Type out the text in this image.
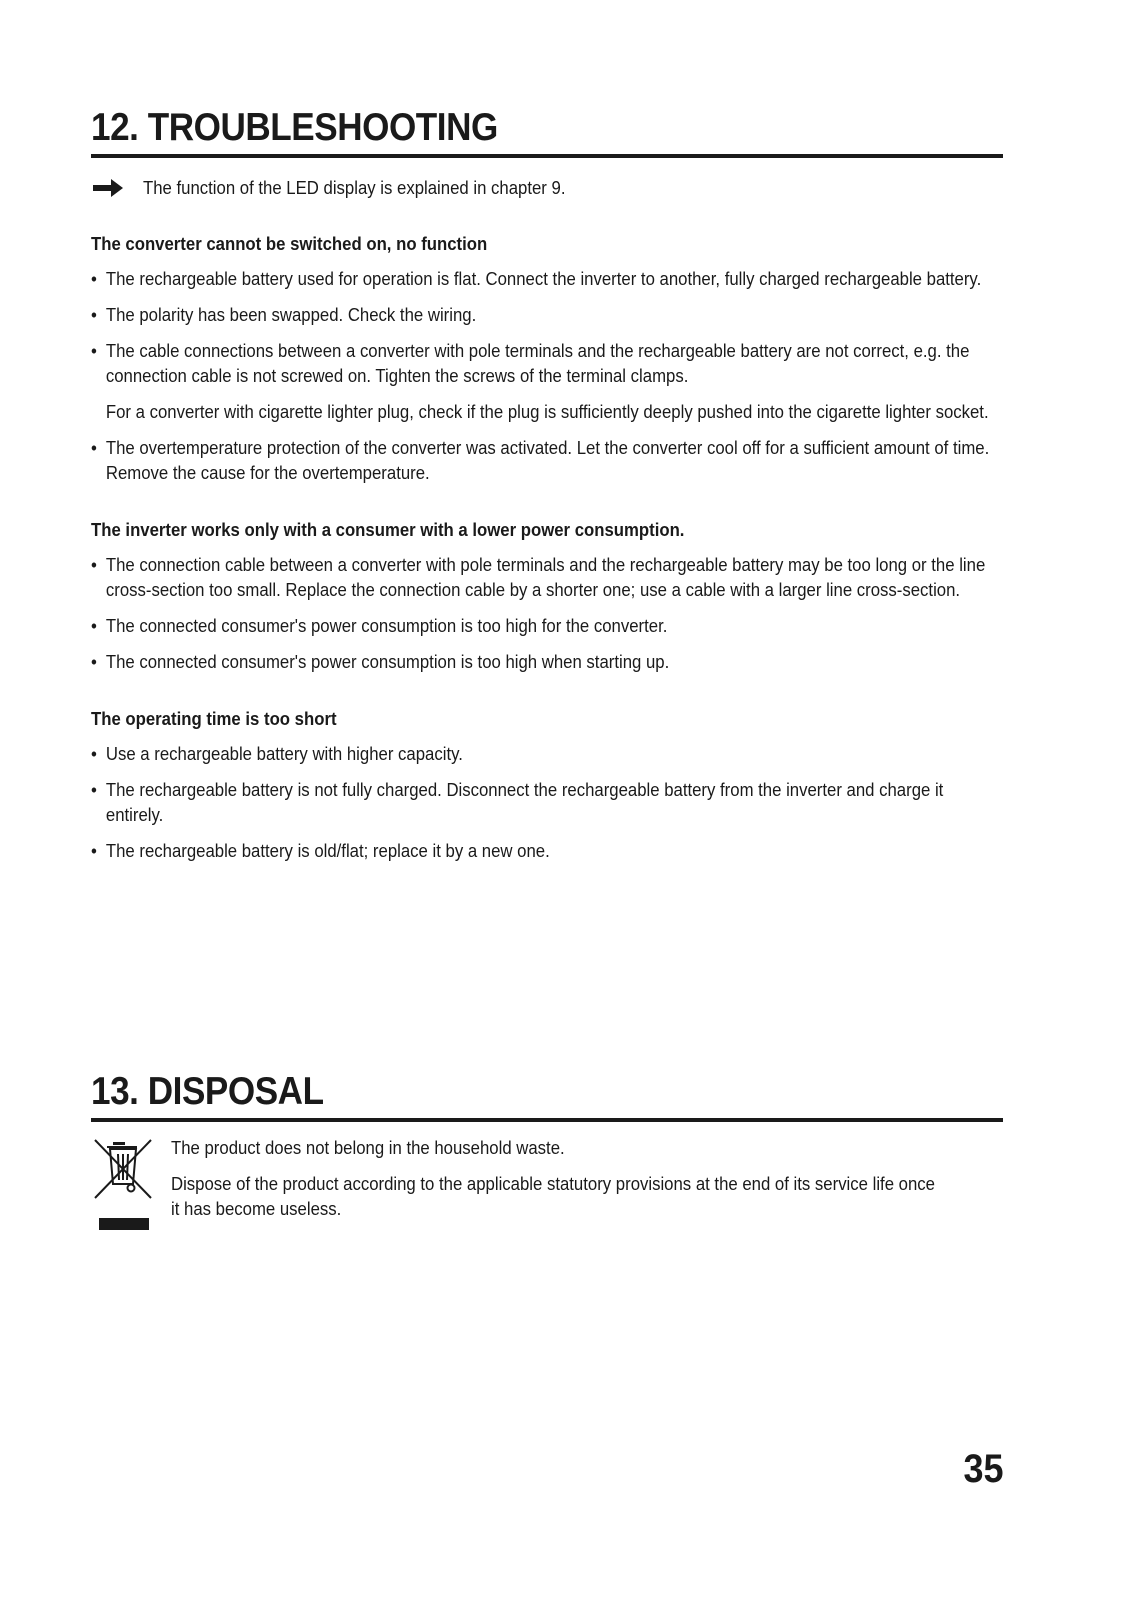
12. TROUBLESHOOTING
The function of the LED display is explained in chapter 9.

The converter cannot be switched on, no function

• The rechargeable battery used for operation is flat. Connect the inverter to another, fully charged rechargeable battery.
• The polarity has been swapped. Check the wiring.
• The cable connections between a converter with pole terminals and the rechargeable battery are not correct, e.g. the connection cable is not screwed on. Tighten the screws of the terminal clamps.
For a converter with cigarette lighter plug, check if the plug is sufficiently deeply pushed into the cigarette lighter socket.
• The overtemperature protection of the converter was activated. Let the converter cool off for a sufficient amount of time. Remove the cause for the overtemperature.

The inverter works only with a consumer with a lower power consumption.

• The connection cable between a converter with pole terminals and the rechargeable battery may be too long or the line cross-section too small. Replace the connection cable by a shorter one; use a cable with a larger line cross-section.
• The connected consumer's power consumption is too high for the converter.
• The connected consumer's power consumption is too high when starting up.

The operating time is too short

• Use a rechargeable battery with higher capacity.
• The rechargeable battery is not fully charged. Disconnect the rechargeable battery from the inverter and charge it entirely.
• The rechargeable battery is old/flat; replace it by a new one.
13. DISPOSAL

The product does not belong in the household waste.

Dispose of the product according to the applicable statutory provisions at the end of its service life once it has become useless.

35
